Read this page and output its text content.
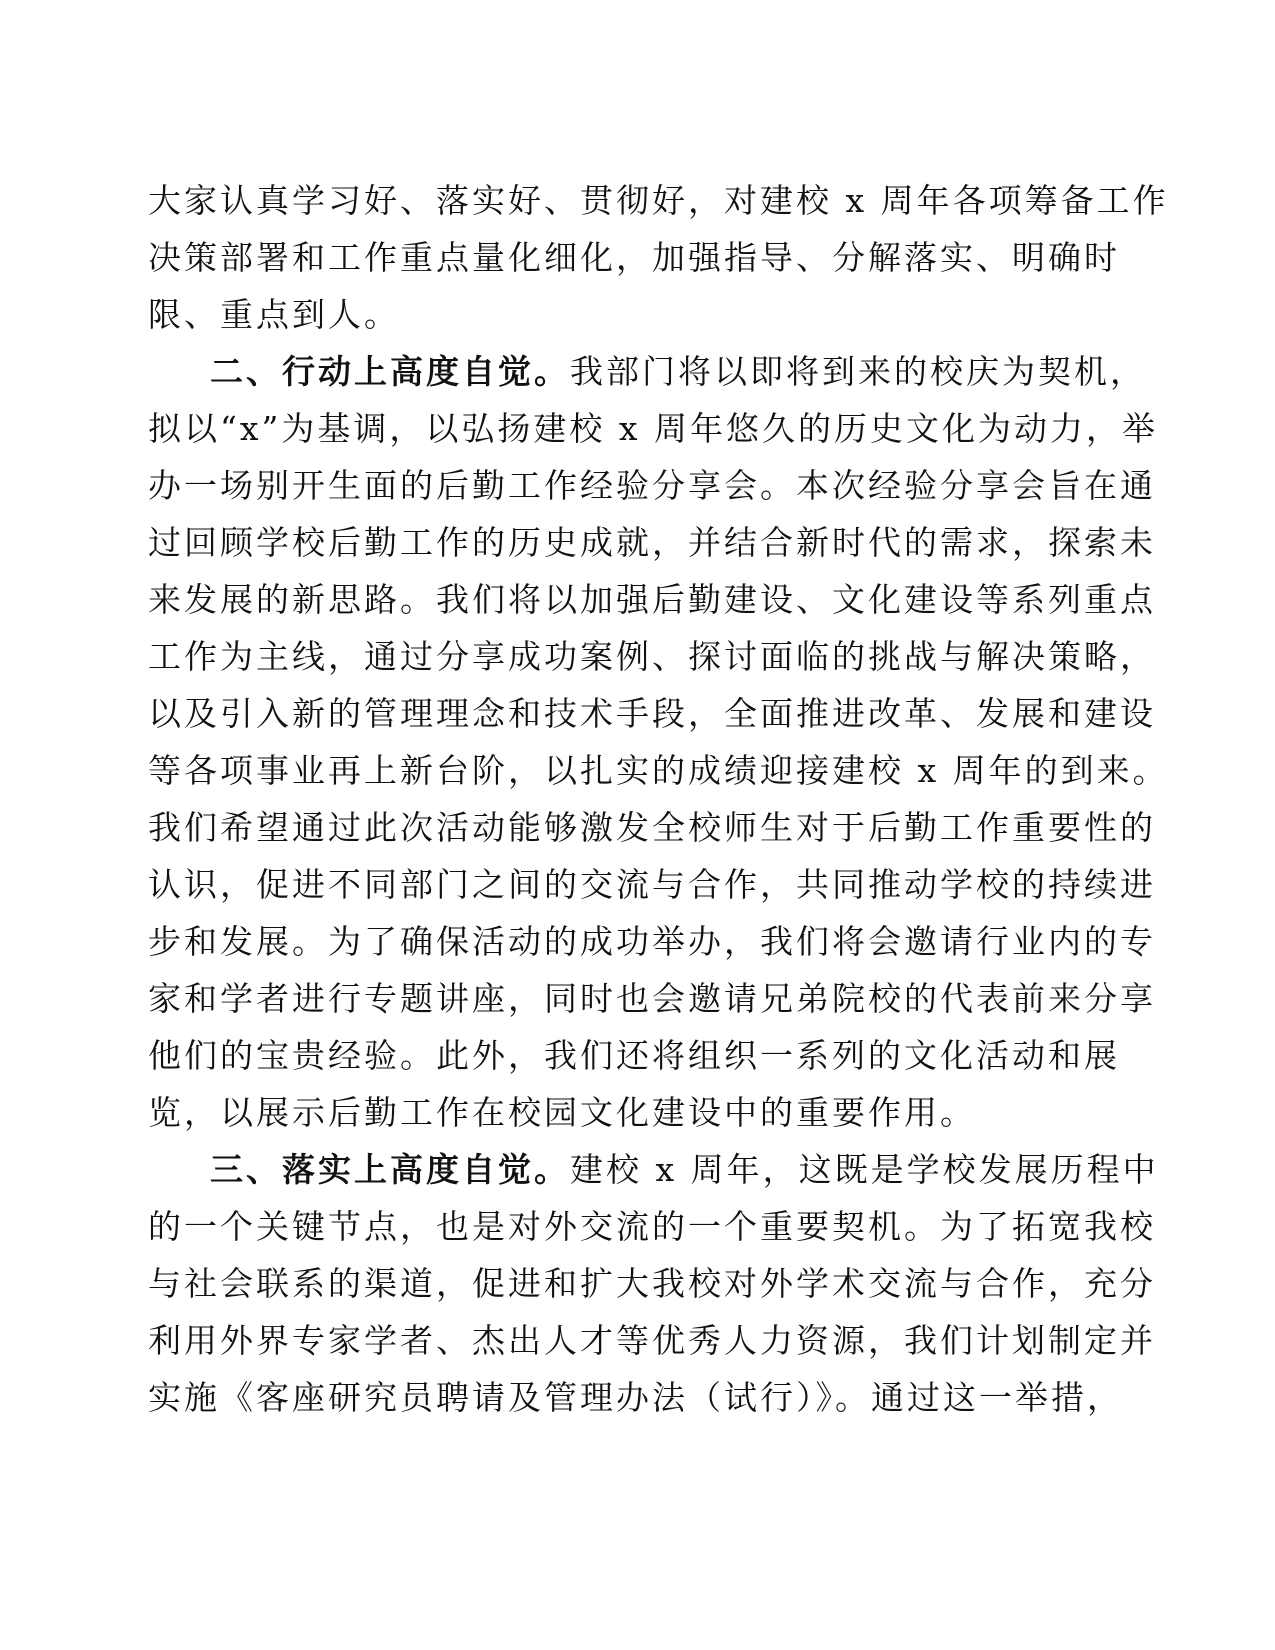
大家认真学习好、落实好、贯彻好，对建校 x 周年各项筹备工作
决策部署和工作重点量化细化，加强指导、分解落实、明确时
限、重点到人。
二、行动上高度自觉。我部门将以即将到来的校庆为契机，
拟以“x”为基调，以弘扬建校 x 周年悠久的历史文化为动力，举
办一场别开生面的后勤工作经验分享会。本次经验分享会旨在通
过回顾学校后勤工作的历史成就，并结合新时代的需求，探索未
来发展的新思路。我们将以加强后勤建设、文化建设等系列重点
工作为主线，通过分享成功案例、探讨面临的挑战与解决策略，
以及引入新的管理理念和技术手段，全面推进改革、发展和建设
等各项事业再上新台阶，以扎实的成绩迎接建校 x 周年的到来。
我们希望通过此次活动能够激发全校师生对于后勤工作重要性的
认识，促进不同部门之间的交流与合作，共同推动学校的持续进
步和发展。为了确保活动的成功举办，我们将会邀请行业内的专
家和学者进行专题讲座，同时也会邀请兄弟院校的代表前来分享
他们的宝贵经验。此外，我们还将组织一系列的文化活动和展
览，以展示后勤工作在校园文化建设中的重要作用。
三、落实上高度自觉。建校 x 周年，这既是学校发展历程中
的一个关键节点，也是对外交流的一个重要契机。为了拓宽我校
与社会联系的渠道，促进和扩大我校对外学术交流与合作，充分
利用外界专家学者、杰出人才等优秀人力资源，我们计划制定并
实施《客座研究员聘请及管理办法（试行）》。通过这一举措，
